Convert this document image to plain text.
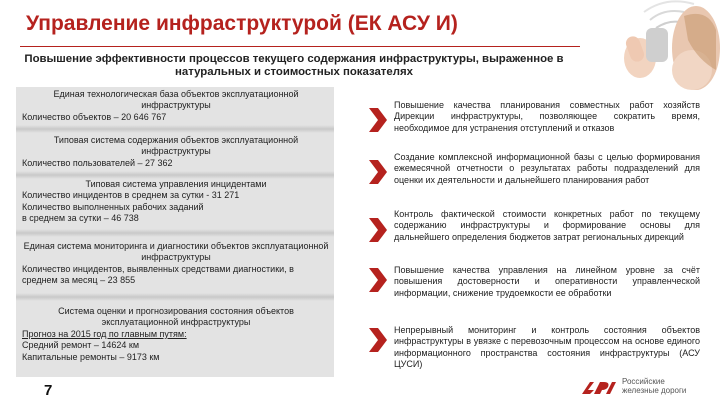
Управление инфраструктурой (ЕК АСУ И)
Повышение эффективности процессов текущего содержания инфраструктуры, выраженное в натуральных и стоимостных показателях
Единая технологическая база объектов эксплуатационной инфраструктуры
Количество объектов – 20 646 767
Типовая система содержания объектов эксплуатационной инфраструктуры
Количество пользователей – 27 362
Типовая система управления инцидентами
Количество инцидентов в среднем за сутки - 31 271
Количество выполненных рабочих заданий
в среднем за сутки – 46 738
Единая система мониторинга и диагностики объектов эксплуатационной инфраструктуры
Количество инцидентов, выявленных средствами диагностики, в среднем за месяц – 23 855
Система оценки и прогнозирования состояния объектов эксплуатационной инфраструктуры
Прогноз на 2015 год по главным путям:
Средний ремонт – 14624 км
Капитальные ремонты – 9173 км
Повышение качества планирования совместных работ хозяйств Дирекции инфраструктуры, позволяющее сократить время, необходимое для устранения отступлений и отказов
Создание комплексной информационной базы с целью формирования ежемесячной отчетности о результатах работы подразделений для оценки их деятельности и дальнейшего планирования работ
Контроль фактической стоимости конкретных работ по текущему содержанию инфраструктуры и формирование основы для дальнейшего определения бюджетов затрат региональных дирекций
Повышение качества управления на линейном уровне за счёт повышения достоверности и оперативности управленческой информации, снижение трудоемкости ее обработки
Непрерывный мониторинг и контроль состояния объектов инфраструктуры в увязке с перевозочным процессом на основе единого информационного пространства состояния инфраструктуры (АСУ ЦУСИ)
7
Российские
железные дороги
